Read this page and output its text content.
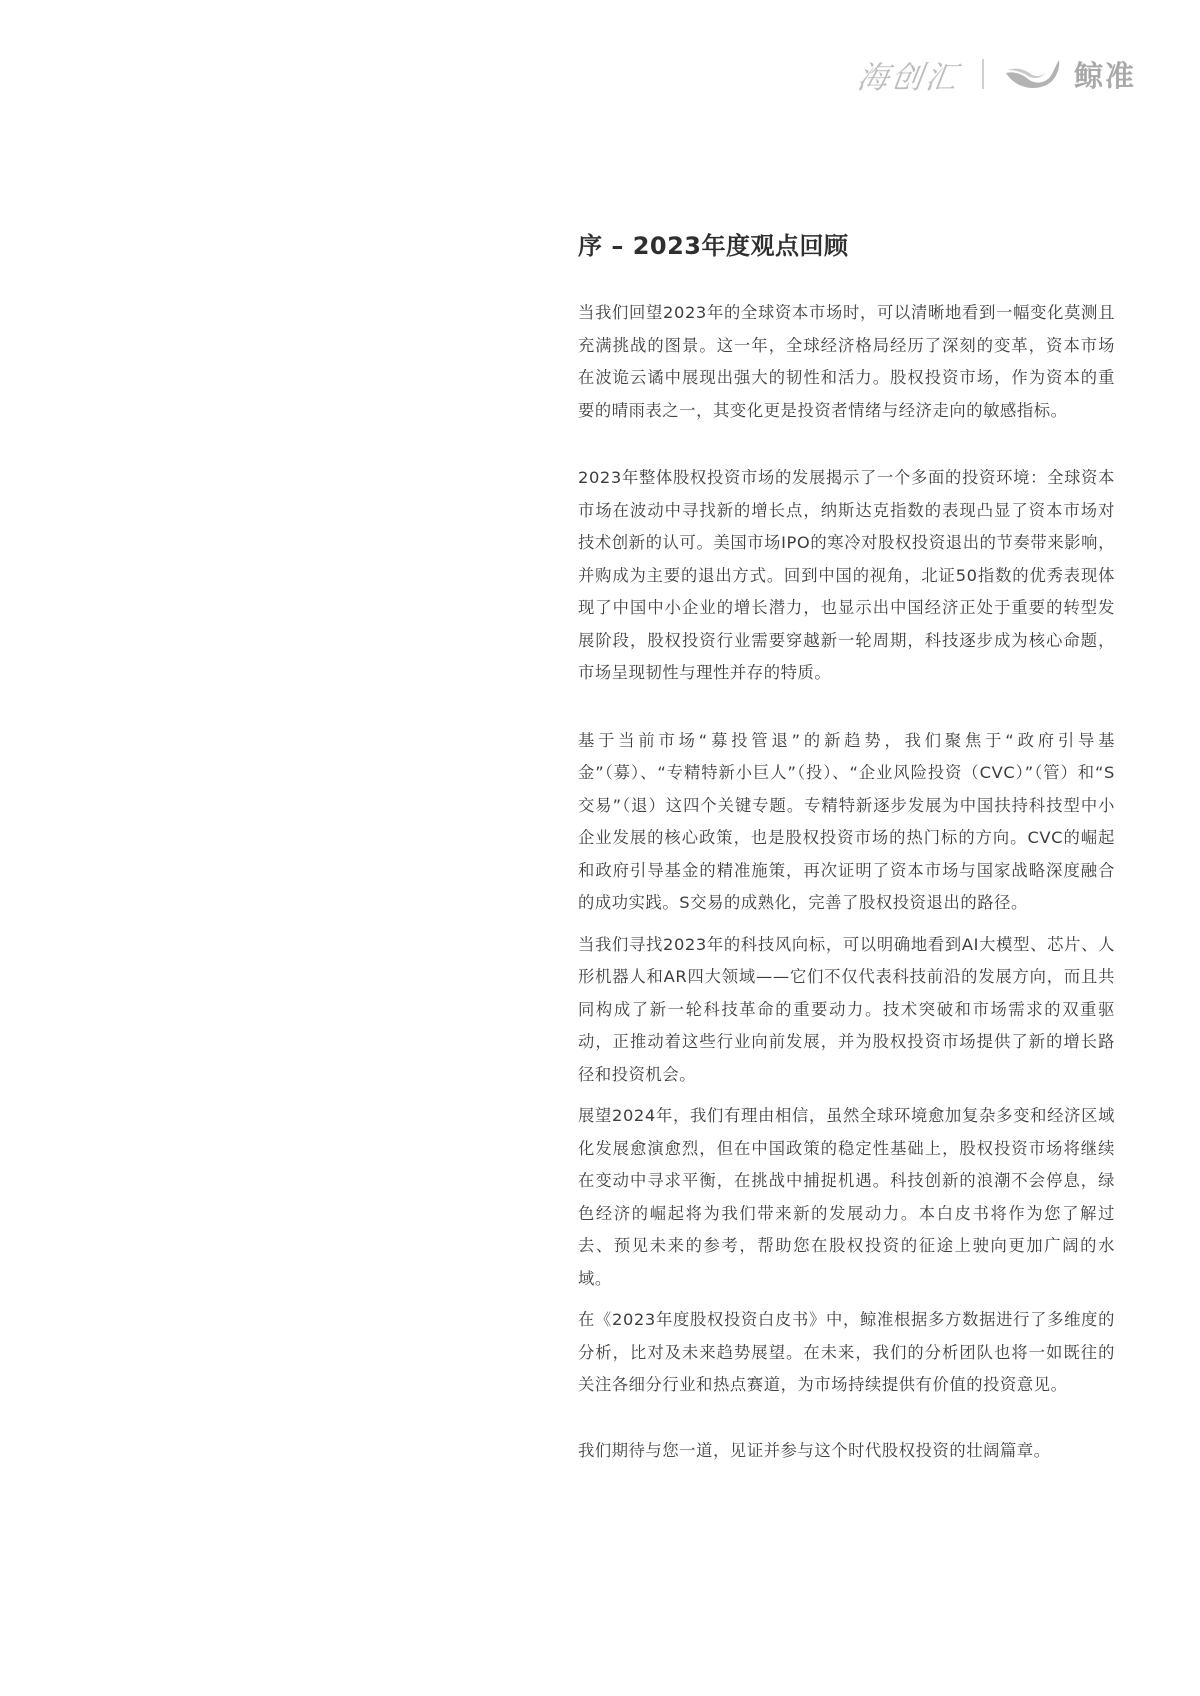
海创汇	鲸准
序 – 2023年度观点回顾

当我们回望2023年的全球资本市场时，可以清晰地看到一幅变化莫测且充满挑战的图景。这一年，全球经济格局经历了深刻的变革，资本市场在波诡云谲中展现出强大的韧性和活力。股权投资市场，作为资本的重要的晴雨表之一，其变化更是投资者情绪与经济走向的敏感指标。

2023年整体股权投资市场的发展揭示了一个多面的投资环境：全球资本市场在波动中寻找新的增长点，纳斯达克指数的表现凸显了资本市场对技术创新的认可。美国市场IPO的寒冷对股权投资退出的节奏带来影响，并购成为主要的退出方式。回到中国的视角，北证50指数的优秀表现体现了中国中小企业的增长潜力，也显示出中国经济正处于重要的转型发展阶段，股权投资行业需要穿越新一轮周期，科技逐步成为核心命题，市场呈现韧性与理性并存的特质。

基于当前市场“募投管退”的新趋势，我们聚焦于“政府引导基金”（募）、“专精特新小巨人”（投）、“企业风险投资（CVC）”（管）和“S交易”（退）这四个关键专题。专精特新逐步发展为中国扶持科技型中小企业发展的核心政策，也是股权投资市场的热门标的方向。CVC的崛起和政府引导基金的精准施策，再次证明了资本市场与国家战略深度融合的成功实践。S交易的成熟化，完善了股权投资退出的路径。

当我们寻找2023年的科技风向标，可以明确地看到AI大模型、芯片、人形机器人和AR四大领域——它们不仅代表科技前沿的发展方向，而且共同构成了新一轮科技革命的重要动力。技术突破和市场需求的双重驱动，正推动着这些行业向前发展，并为股权投资市场提供了新的增长路径和投资机会。

展望2024年，我们有理由相信，虽然全球环境愈加复杂多变和经济区域化发展愈演愈烈，但在中国政策的稳定性基础上，股权投资市场将继续在变动中寻求平衡，在挑战中捕捉机遇。科技创新的浪潮不会停息，绿色经济的崛起将为我们带来新的发展动力。本白皮书将作为您了解过去、预见未来的参考，帮助您在股权投资的征途上驶向更加广阔的水域。

在《2023年度股权投资白皮书》中，鲸准根据多方数据进行了多维度的分析，比对及未来趋势展望。在未来，我们的分析团队也将一如既往的关注各细分行业和热点赛道，为市场持续提供有价值的投资意见。

我们期待与您一道，见证并参与这个时代股权投资的壮阔篇章。
